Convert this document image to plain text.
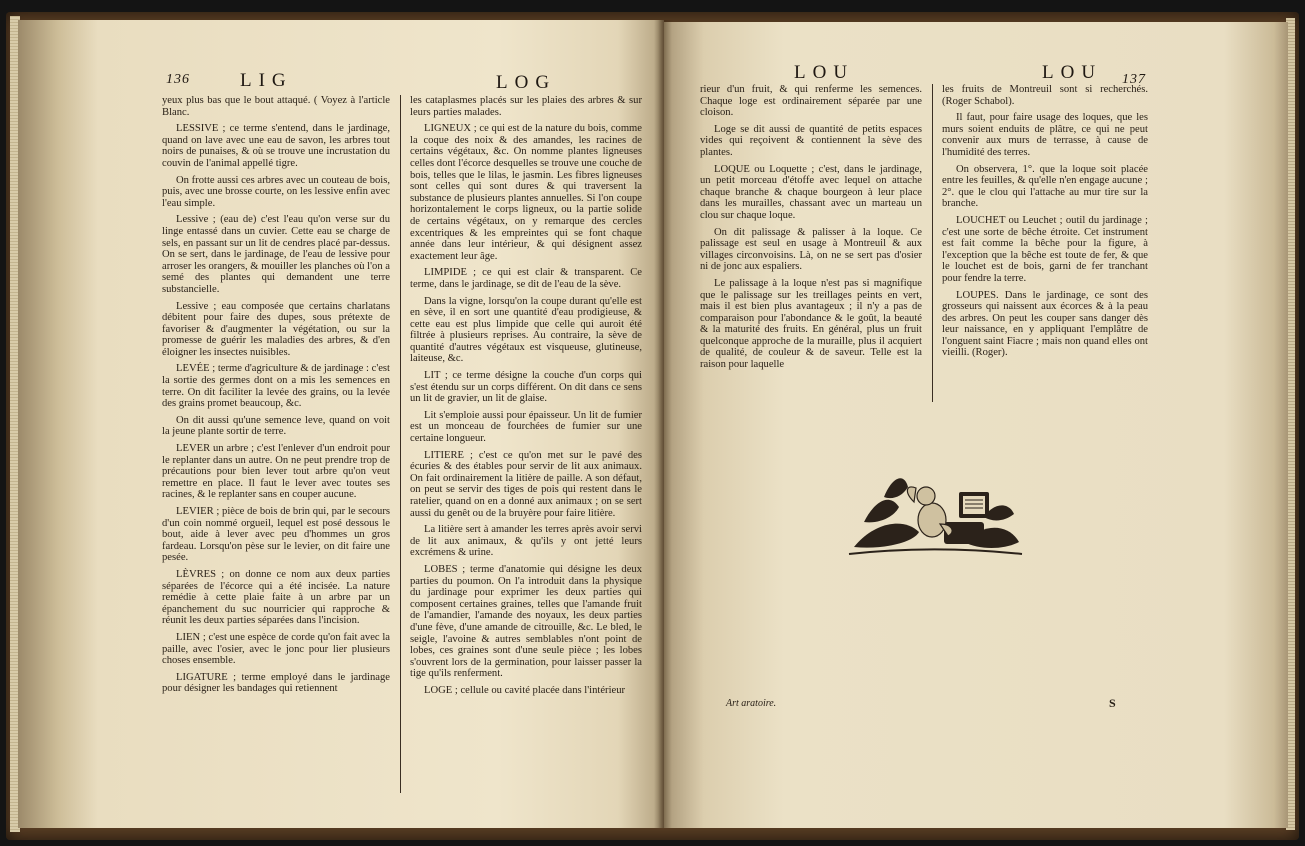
136	LIG	LOG

yeux plus bas que le bout attaqué. ( Voyez à l'article Blanc.

LESSIVE ; ce terme s'entend, dans le jardinage, quand on lave avec une eau de savon, les arbres tout noirs de punaises, & où se trouve une incrustation du couvin de l'animal appellé tigre.

On frotte aussi ces arbres avec un couteau de bois, puis, avec une brosse courte, on les lessive enfin avec l'eau simple.

Lessive ; (eau de) c'est l'eau qu'on verse sur du linge entassé dans un cuvier. Cette eau se charge de sels, en passant sur un lit de cendres placé par-dessus. On se sert, dans le jardinage, de l'eau de lessive pour arroser les orangers, & mouiller les planches où l'on a semé des plantes qui demandent une terre substancielle.

Lessive ; eau composée que certains charlatans débitent pour faire des dupes, sous prétexte de favoriser & d'augmenter la végétation, ou sur la promesse de guérir les maladies des arbres, & d'en éloigner les insectes nuisibles.

LEVÉE ; terme d'agriculture & de jardinage : c'est la sortie des germes dont on a mis les semences en terre. On dit faciliter la levée des grains, ou la levée des grains promet beaucoup, &c.

On dit aussi qu'une semence leve, quand on voit la jeune plante sortir de terre.

LEVER un arbre ; c'est l'enlever d'un endroit pour le replanter dans un autre. On ne peut prendre trop de précautions pour bien lever tout arbre qu'on veut remettre en place. Il faut le lever avec toutes ses racines, & le replanter sans en couper aucune.

LEVIER ; pièce de bois de brin qui, par le secours d'un coin nommé orgueil, lequel est posé dessous le bout, aide à lever avec peu d'hommes un gros fardeau. Lorsqu'on pèse sur le levier, on dit faire une pesée.

LÈVRES ; on donne ce nom aux deux parties séparées de l'écorce qui a été incisée. La nature remédie à cette plaie faite à un arbre par un épanchement du suc nourricier qui rapproche & réunit les deux parties séparées dans l'incision.

LIEN ; c'est une espèce de corde qu'on fait avec la paille, avec l'osier, avec le jonc pour lier plusieurs choses ensemble.

LIGATURE ; terme employé dans le jardinage pour désigner les bandages qui retiennent

les cataplasmes placés sur les plaies des arbres & sur leurs parties malades.

LIGNEUX ; ce qui est de la nature du bois, comme la coque des noix & des amandes, les racines de certains végétaux, &c. On nomme plantes ligneuses celles dont l'écorce desquelles se trouve une couche de bois, telles que le lilas, le jasmin. Les fibres ligneuses sont celles qui sont dures & qui traversent la substance de plusieurs plantes annuelles. Si l'on coupe horizontalement le corps ligneux, ou la partie solide de certains végétaux, on y remarque des cercles excentriques & les empreintes qui se font chaque année dans leur intérieur, & qui désignent assez exactement leur âge.

LIMPIDE ; ce qui est clair & transparent. Ce terme, dans le jardinage, se dit de l'eau de la sève.

Dans la vigne, lorsqu'on la coupe durant qu'elle est en sève, il en sort une quantité d'eau prodigieuse, & cette eau est plus limpide que celle qui auroit été filtrée à plusieurs reprises. Au contraire, la sève de quantité d'autres végétaux est visqueuse, glutineuse, laiteuse, &c.

LIT ; ce terme désigne la couche d'un corps qui s'est étendu sur un corps différent. On dit dans ce sens un lit de gravier, un lit de glaise.

Lit s'emploie aussi pour épaisseur. Un lit de fumier est un monceau de fourchées de fumier sur une certaine longueur.

LITIERE ; c'est ce qu'on met sur le pavé des écuries & des étables pour servir de lit aux animaux. On fait ordinairement la litière de paille. A son défaut, on peut se servir des tiges de pois qui restent dans le ratelier, quand on en a donné aux animaux ; on se sert aussi du genêt ou de la bruyère pour faire litière.

La litière sert à amander les terres après avoir servi de lit aux animaux, & qu'ils y ont jetté leurs excrémens & urine.

LOBES ; terme d'anatomie qui désigne les deux parties du poumon. On l'a introduit dans la physique du jardinage pour exprimer les deux parties qui composent certaines graines, telles que l'amande fruit de l'amandier, l'amande des noyaux, les deux parties d'une fève, d'une amande de citrouille, &c. Le bled, le seigle, l'avoine & autres semblables n'ont point de lobes, ces graines sont d'une seule pièce ; les lobes s'ouvrent lors de la germination, pour laisser passer la tige qu'ils renferment.

LOGE ; cellule ou cavité placée dans l'intérieur

LOU	LOU 137

rieur d'un fruit, & qui renferme les semences. Chaque loge est ordinairement séparée par une cloison.

Loge se dit aussi de quantité de petits espaces vides qui reçoivent & contiennent la sève des plantes.

LOQUE ou Loquette ; c'est, dans le jardinage, un petit morceau d'étoffe avec lequel on attache chaque branche & chaque bourgeon à leur place dans les murailles, chassant avec un marteau un clou sur chaque loque.

On dit palissage & palisser à la loque. Ce palissage est seul en usage à Montreuil & aux villages circonvoisins. Là, on ne se sert pas d'osier ni de jonc aux espaliers.

Le palissage à la loque n'est pas si magnifique que le palissage sur les treillages peints en vert, mais il est bien plus avantageux ; il n'y a pas de comparaison pour l'abondance & le goût, la beauté & la maturité des fruits. En général, plus un fruit quelconque approche de la muraille, plus il acquiert de qualité, de couleur & de saveur. Telle est la raison pour laquelle

les fruits de Montreuil sont si recherchés. (Roger Schabol).

Il faut, pour faire usage des loques, que les murs soient enduits de plâtre, ce qui ne peut convenir aux murs de terrasse, à cause de l'humidité des terres.

On observera, 1°. que la loque soit placée entre les feuilles, & qu'elle n'en engage aucune ; 2°. que le clou qui l'attache au mur tire sur la branche.

LOUCHET ou Leuchet ; outil du jardinage ; c'est une sorte de bêche étroite. Cet instrument est fait comme la bêche pour la figure, à l'exception que la bêche est toute de fer, & que le louchet est de bois, garni de fer tranchant pour fendre la terre.

LOUPES. Dans le jardinage, ce sont des grosseurs qui naissent aux écorces & à la peau des arbres. On peut les couper sans danger dès leur naissance, en y appliquant l'emplâtre de l'onguent saint Fiacre ; mais non quand elles ont vieilli. (Roger).

Art aratoire.	S
